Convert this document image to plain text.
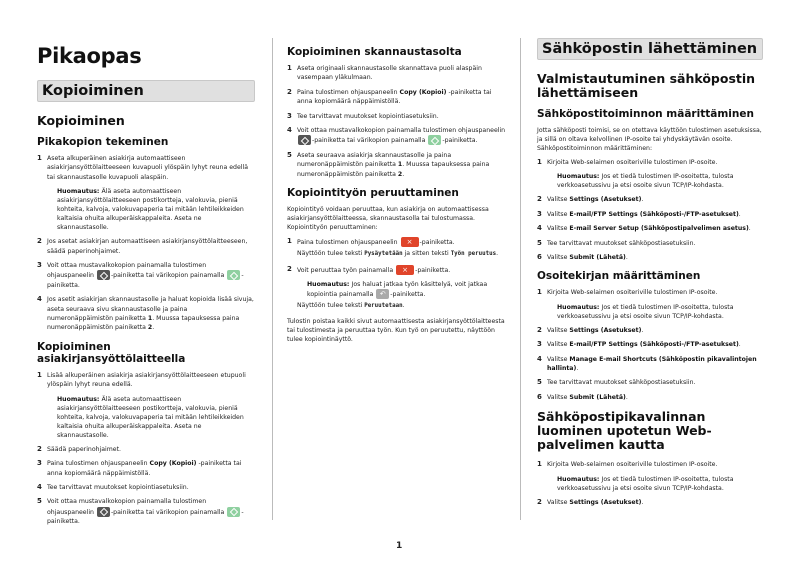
Pikaopas
Kopioiminen
Kopioiminen
Pikakopion tekeminen
1 Aseta alkuperäinen asiakirja automaattiseen asiakirjansyöttölaitteeseen kuvapuoli ylöspäin lyhyt reuna edellä tai skannaustasolle kuvapuoli alaspäin.
Huomautus: Älä aseta automaattiseen asiakirjansyöttölaitteeseen postikortteja, valokuvia, pieniä kohteita, kalvoja, valokuvapaperia tai mitään lehtileikkeiden kaltaisia ohuita alkuperäiskappaleita. Aseta ne skannaustasolle.
2 Jos asetat asiakirjan automaattiseen asiakirjansyöttölaitteeseen, säädä paperinohjaimet.
3 Voit ottaa mustavalkokopion painamalla tulostimen ohjauspaneelin -painiketta tai värikopion painamalla -painiketta.
4 Jos asetit asiakirjan skannaustasolle ja haluat kopioida lisää sivuja, aseta seuraava sivu skannaustasolle ja paina numeronäppäimistön painiketta 1. Muussa tapauksessa paina numeronäppäimistön painiketta 2.
Kopioiminen asiakirjansyöttölaitteella
1 Lisää alkuperäinen asiakirja asiakirjansyöttölaitteeseen etupuoli ylöspäin lyhyt reuna edellä.
Huomautus: Älä aseta automaattiseen asiakirjansyöttölaitteeseen postikortteja, valokuvia, pieniä kohteita, kalvoja, valokuvapaperia tai mitään lehtileikkeiden kaltaisia ohuita alkuperäiskappaleita. Aseta ne skannaustasolle.
2 Säädä paperinohjaimet.
3 Paina tulostimen ohjauspaneelin Copy (Kopioi) -painiketta tai anna kopiomäärä näppäimistöllä.
4 Tee tarvittavat muutokset kopiointiasetuksiin.
5 Voit ottaa mustavalkokopion painamalla tulostimen ohjauspaneelin -painiketta tai värikopion painamalla -painiketta.
Kopioiminen skannaustasolta
1 Aseta originaali skannaustasolle skannattava puoli alaspäin vasempaan yläkulmaan.
2 Paina tulostimen ohjauspaneelin Copy (Kopioi) -painiketta tai anna kopiomäärä näppäimistöllä.
3 Tee tarvittavat muutokset kopiointiasetuksiin.
4 Voit ottaa mustavalkokopion painamalla tulostimen ohjauspaneelin -painiketta tai värikopion painamalla -painiketta.
5 Aseta seuraava asiakirja skannaustasolle ja paina numeronäppäimistön painiketta 1. Muussa tapauksessa paina numeronäppäimistön painiketta 2.
Kopiointityön peruuttaminen
Kopiointityö voidaan peruuttaa, kun asiakirja on automaattisessa asiakirjansyöttölaitteessa, skannaustasolla tai tulostumassa. Kopiointityön peruuttaminen:
1 Paina tulostimen ohjauspaneelin ×	-painiketta.
Näyttöön tulee teksti Pysäytetään ja sitten teksti Työn peruutus.
2 Voit peruuttaa työn painamalla ×	-painiketta.
Huomautus: Jos haluat jatkaa työn käsittelyä, voit jatkaa kopiointia painamalla ↶-painiketta.
Näyttöön tulee teksti Peruutetaan.
Tulostin poistaa kaikki sivut automaattisesta asiakirjansyöttölaitteesta tai tulostimesta ja peruuttaa työn. Kun työ on peruutettu, näyttöön tulee kopiointinäyttö.
Sähköpostin lähettäminen
Valmistautuminen sähköpostin lähettämiseen
Sähköpostitoiminnon määrittäminen
Jotta sähköposti toimisi, se on otettava käyttöön tulostimen asetuksissa, ja sillä on oltava kelvollinen IP-osoite tai yhdyskäytävän osoite. Sähköpostitoiminnon määrittäminen:
1 Kirjoita Web-selaimen osoiteriville tulostimen IP-osoite.
Huomautus: Jos et tiedä tulostimen IP-osoitetta, tulosta verkkoasetussivu ja etsi osoite sivun TCP/IP-kohdasta.
2 Valitse Settings (Asetukset).
3 Valitse E-mail/FTP Settings (Sähköposti-/FTP-asetukset).
4 Valitse E-mail Server Setup (Sähköpostipalvelimen asetus).
5 Tee tarvittavat muutokset sähköpostiasetuksiin.
6 Valitse Submit (Lähetä).
Osoitekirjan määrittäminen
1 Kirjoita Web-selaimen osoiteriville tulostimen IP-osoite.
Huomautus: Jos et tiedä tulostimen IP-osoitetta, tulosta verkkoasetussivu ja etsi osoite sivun TCP/IP-kohdasta.
2 Valitse Settings (Asetukset).
3 Valitse E-mail/FTP Settings (Sähköposti-/FTP-asetukset).
4 Valitse Manage E-mail Shortcuts (Sähköpostin pikavalintojen hallinta).
5 Tee tarvittavat muutokset sähköpostiasetuksiin.
6 Valitse Submit (Lähetä).
Sähköpostipikavalinnan luominen upotetun Web-palvelimen kautta
1 Kirjoita Web-selaimen osoiteriville tulostimen IP-osoite.
Huomautus: Jos et tiedä tulostimen IP-osoitetta, tulosta verkkoasetussivu ja etsi osoite sivun TCP/IP-kohdasta.
2 Valitse Settings (Asetukset).
1
